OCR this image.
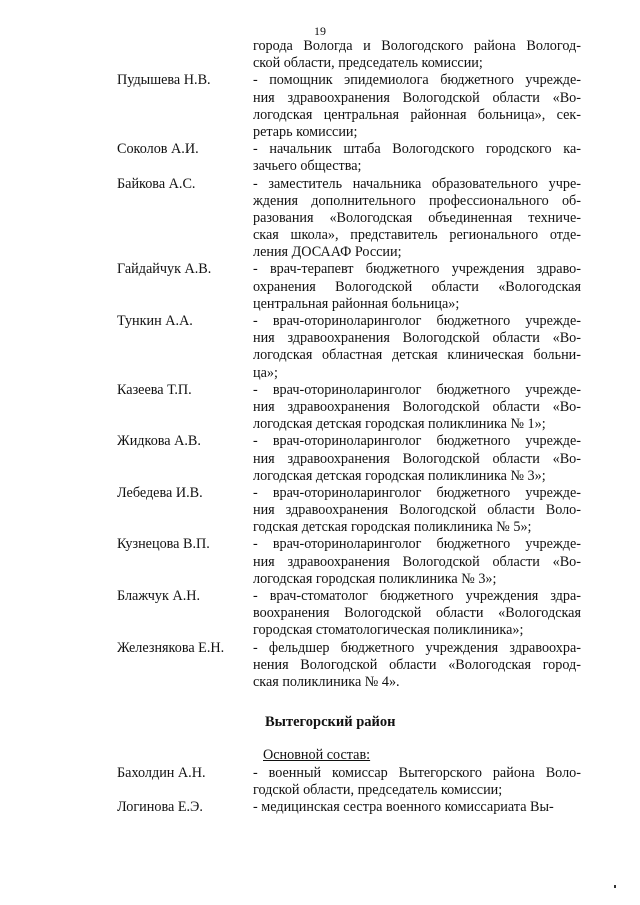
19
города Вологда и Вологодского района Вологод-
ской области, председатель комиссии;
Пудышева Н.В.	- помощник эпидемиолога бюджетного учрежде-
ния здравоохранения Вологодской области «Во-
логодская центральная районная больница», сек-
ретарь комиссии;
Соколов А.И.	- начальник штаба Вологодского городского ка-
зачьего общества;
Байкова А.С.	- заместитель начальника образовательного учре-
ждения дополнительного профессионального об-
разования «Вологодская объединенная техниче-
ская школа», представитель регионального отде-
ления ДОСААФ России;
Гайдайчук А.В.	- врач-терапевт бюджетного учреждения здраво-
охранения Вологодской области «Вологодская
центральная районная больница»;
Тункин А.А.	- врач-оториноларинголог бюджетного учрежде-
ния здравоохранения Вологодской области «Во-
логодская областная детская клиническая больни-
ца»;
Казеева Т.П.	- врач-оториноларинголог бюджетного учрежде-
ния здравоохранения Вологодской области «Во-
логодская детская городская поликлиника № 1»;
Жидкова А.В.	- врач-оториноларинголог бюджетного учрежде-
ния здравоохранения Вологодской области «Во-
логодская детская городская поликлиника № 3»;
Лебедева И.В.	- врач-оториноларинголог бюджетного учрежде-
ния здравоохранения Вологодской области Воло-
годская детская городская поликлиника № 5»;
Кузнецова В.П.	- врач-оториноларинголог бюджетного учрежде-
ния здравоохранения Вологодской области «Во-
логодская городская поликлиника № 3»;
Блажчук А.Н.	- врач-стоматолог бюджетного учреждения здра-
воохранения Вологодской области «Вологодская
городская стоматологическая поликлиника»;
Железнякова Е.Н. - фельдшер бюджетного учреждения здравоохра-
нения Вологодской области «Вологодская город-
ская поликлиника № 4».
Вытегорский район
Основной состав:
Бахолдин А.Н.	- военный комиссар Вытегорского района Воло-
годской области, председатель комиссии;
Логинова Е.Э.	- медицинская сестра военного комиссариата Вы-
